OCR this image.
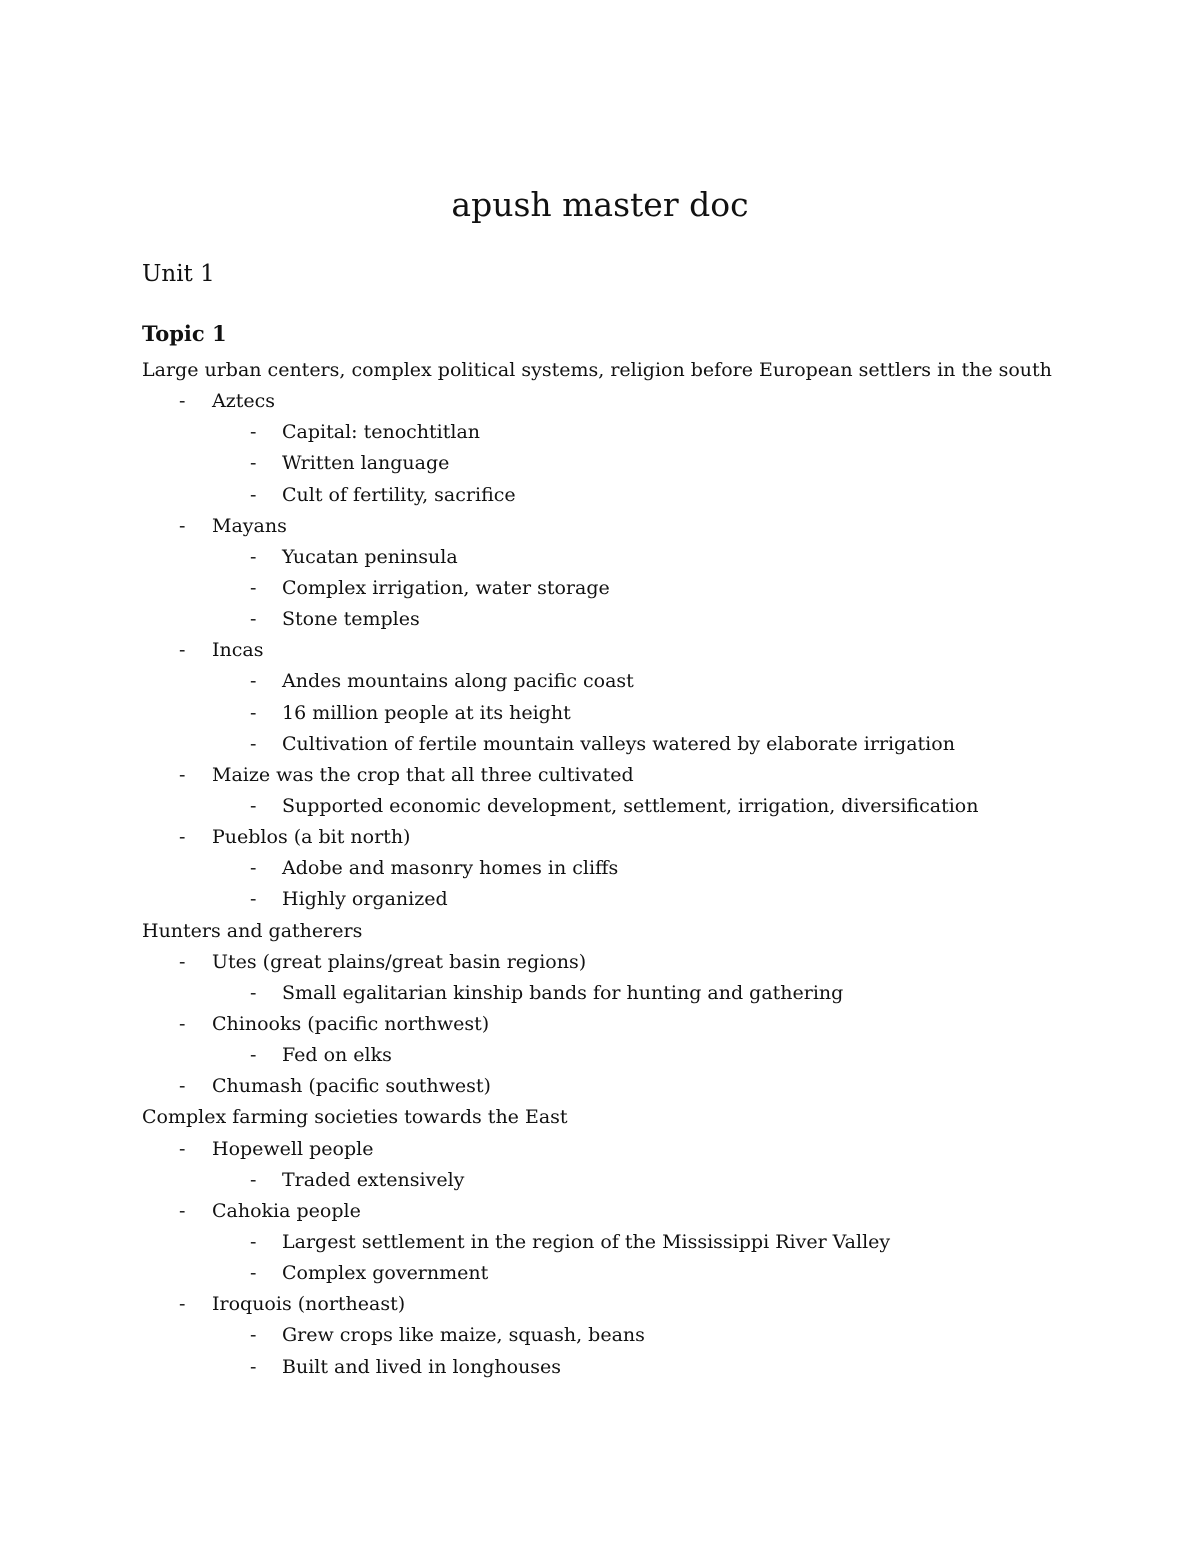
apush master doc
Unit 1
Topic 1
Large urban centers, complex political systems, religion before European settlers in the south
- Aztecs
- Capital: tenochtitlan
- Written language
- Cult of fertility, sacrifice
- Mayans
- Yucatan peninsula
- Complex irrigation, water storage
- Stone temples
- Incas
- Andes mountains along pacific coast
- 16 million people at its height
- Cultivation of fertile mountain valleys watered by elaborate irrigation
- Maize was the crop that all three cultivated
- Supported economic development, settlement, irrigation, diversification
- Pueblos (a bit north)
- Adobe and masonry homes in cliffs
- Highly organized
Hunters and gatherers
- Utes (great plains/great basin regions)
- Small egalitarian kinship bands for hunting and gathering
- Chinooks (pacific northwest)
- Fed on elks
- Chumash (pacific southwest)
Complex farming societies towards the East
- Hopewell people
- Traded extensively
- Cahokia people
- Largest settlement in the region of the Mississippi River Valley
- Complex government
- Iroquois (northeast)
- Grew crops like maize, squash, beans
- Built and lived in longhouses
